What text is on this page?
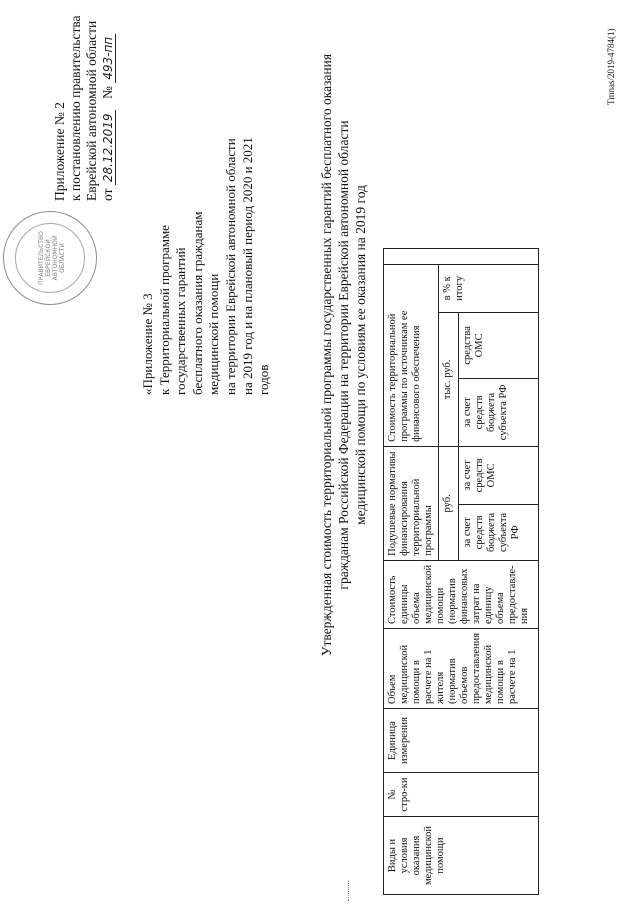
ПРАВИТЕЛЬСТВО ЕВРЕЙСКОЙ АВТОНОМНОЙ ОБЛАСТИ
Приложение № 2 к постановлению правительства Еврейской автономной области от 28.12.2019 № 493-пп
«Приложение № 3 к Территориальной программе государственных гарантий бесплатного оказания гражданам медицинской помощи на территории Еврейской автономной области на 2019 год и на плановый период 2020 и 2021 годов	Утвержденная стоимость территориальной программы государственных гарантий бесплатного оказания гражданам Российской Федерации на территории Еврейской автономной области медицинской помощи по условиям ее оказания на 2019 год
Виды и условия оказания медицинской помощи	№ стро-ки	Единица измерения	Объем медицинской помощи в расчете на 1 жителя (норматив объемов предоставления медицинской помощи в расчете на 1	Стоимость единицы объема медицинской помощи (норматив финансовых затрат на единицу объема предоставле-ния	Подушевые нормативы финансирования территориальной программы		Стоимость территориальной программы по источникам ее финансового обеспечения			
					руб.		тыс. руб.		в % к итогу	
					за счет средств бюджета субъекта РФ	за счет средств ОМС	за счет средств бюджета субъекта РФ	средства ОМС		
Tmnas/2019-4784(1)
